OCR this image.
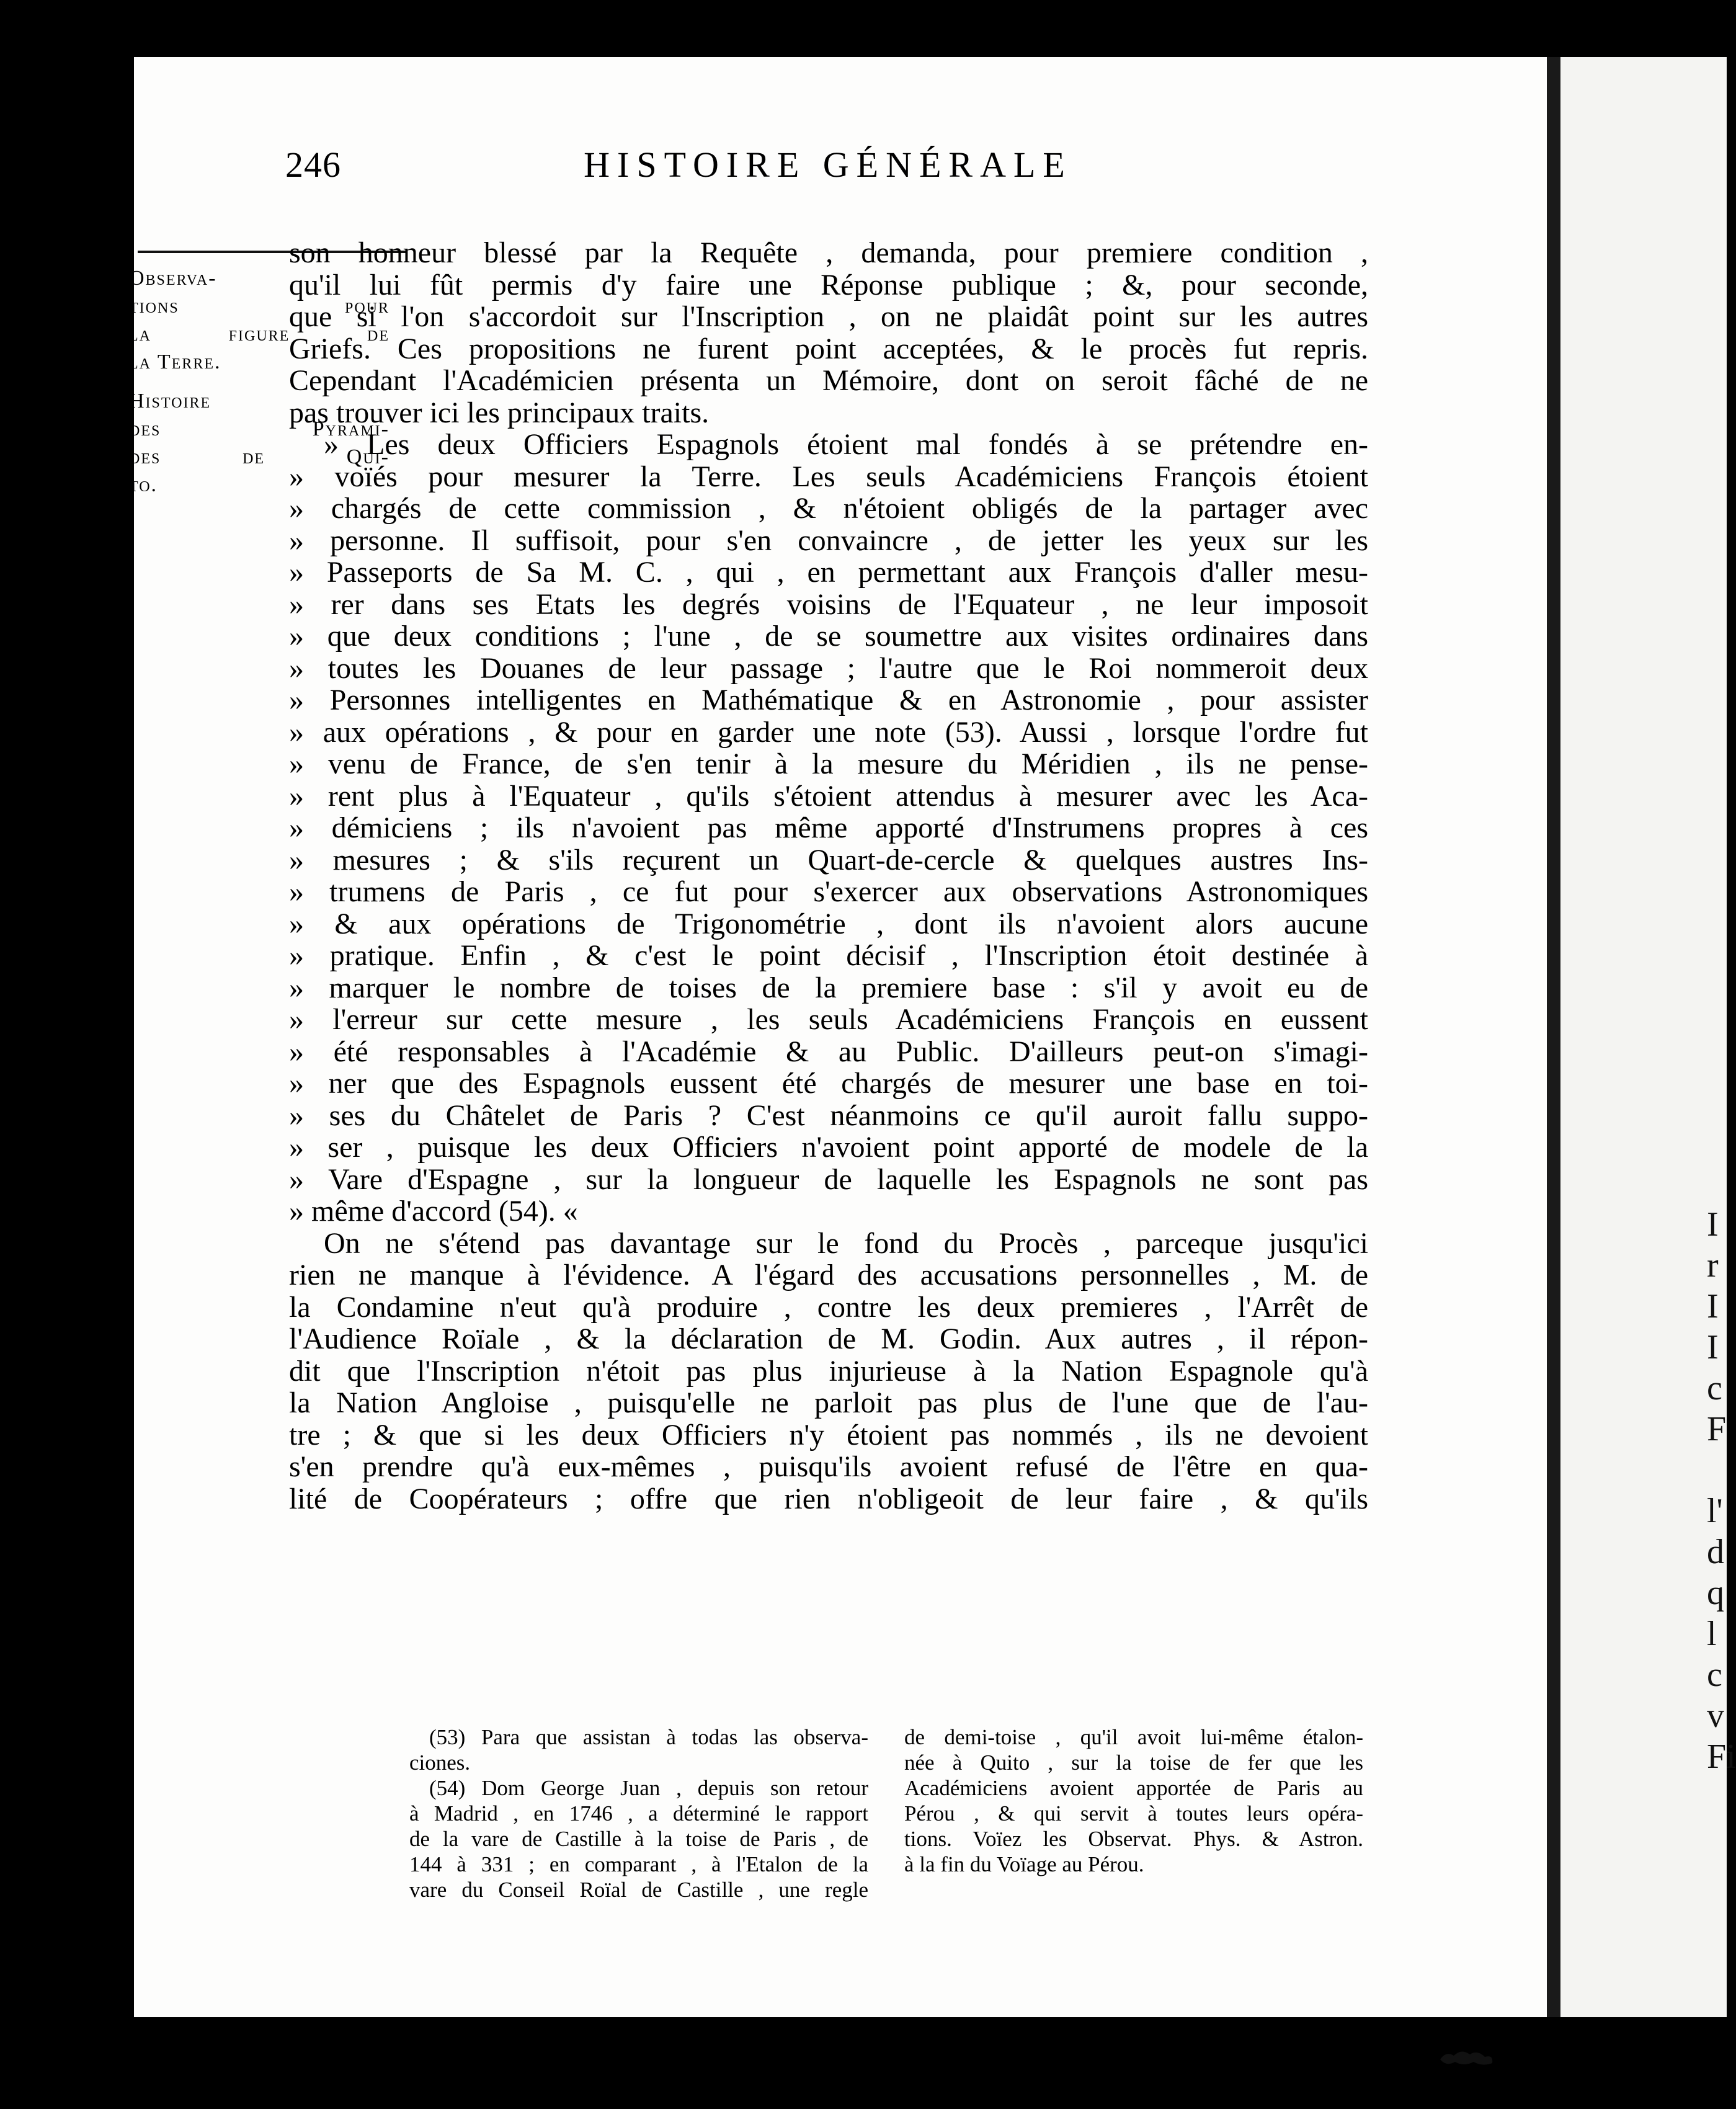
I
r
I
I
c
F
l'
d
q
l
c
v
Fi
246	HISTOIRE GÉNÉRALE
Observa-
tions pour
la figure de
la Terre.
Histoire
des Pyrami-
des de Qui-
to.
son honneur blessé par la Requête , demanda, pour premiere condition ,
qu'il lui fût permis d'y faire une Réponse publique ; &, pour seconde,
que si l'on s'accordoit sur l'Inscription , on ne plaidât point sur les autres
Griefs. Ces propositions ne furent point acceptées, & le procès fut repris.
Cependant l'Académicien présenta un Mémoire, dont on seroit fâché de ne
pas trouver ici les principaux traits.
» Les deux Officiers Espagnols étoient mal fondés à se prétendre en-
» voïés pour mesurer la Terre. Les seuls Académiciens François étoient
» chargés de cette commission , & n'étoient obligés de la partager avec
» personne. Il suffisoit, pour s'en convaincre , de jetter les yeux sur les
» Passeports de Sa M. C. , qui , en permettant aux François d'aller mesu-
» rer dans ses Etats les degrés voisins de l'Equateur , ne leur imposoit
» que deux conditions ; l'une , de se soumettre aux visites ordinaires dans
» toutes les Douanes de leur passage ; l'autre que le Roi nommeroit deux
» Personnes intelligentes en Mathématique & en Astronomie , pour assister
» aux opérations , & pour en garder une note (53). Aussi , lorsque l'ordre fut
» venu de France, de s'en tenir à la mesure du Méridien , ils ne pense-
» rent plus à l'Equateur , qu'ils s'étoient attendus à mesurer avec les Aca-
» démiciens ; ils n'avoient pas même apporté d'Instrumens propres à ces
» mesures ; & s'ils reçurent un Quart-de-cercle & quelques austres Ins-
» trumens de Paris , ce fut pour s'exercer aux observations Astronomiques
» & aux opérations de Trigonométrie , dont ils n'avoient alors aucune
» pratique. Enfin , & c'est le point décisif , l'Inscription étoit destinée à
» marquer le nombre de toises de la premiere base : s'il y avoit eu de
» l'erreur sur cette mesure , les seuls Académiciens François en eussent
» été responsables à l'Académie & au Public. D'ailleurs peut-on s'imagi-
» ner que des Espagnols eussent été chargés de mesurer une base en toi-
» ses du Châtelet de Paris ? C'est néanmoins ce qu'il auroit fallu suppo-
» ser , puisque les deux Officiers n'avoient point apporté de modele de la
» Vare d'Espagne , sur la longueur de laquelle les Espagnols ne sont pas
» même d'accord (54). «
On ne s'étend pas davantage sur le fond du Procès , parceque jusqu'ici
rien ne manque à l'évidence. A l'égard des accusations personnelles , M. de
la Condamine n'eut qu'à produire , contre les deux premieres , l'Arrêt de
l'Audience Roïale , & la déclaration de M. Godin. Aux autres , il répon-
dit que l'Inscription n'étoit pas plus injurieuse à la Nation Espagnole qu'à
la Nation Angloise , puisqu'elle ne parloit pas plus de l'une que de l'au-
tre ; & que si les deux Officiers n'y étoient pas nommés , ils ne devoient
s'en prendre qu'à eux-mêmes , puisqu'ils avoient refusé de l'être en qua-
lité de Coopérateurs ; offre que rien n'obligeoit de leur faire , & qu'ils
(53) Para que assistan à todas las observa-
ciones.
(54) Dom George Juan , depuis son retour
à Madrid , en 1746 , a déterminé le rapport
de la vare de Castille à la toise de Paris , de
144 à 331 ; en comparant , à l'Etalon de la
vare du Conseil Roïal de Castille , une regle
de demi-toise , qu'il avoit lui-même étalon-
née à Quito , sur la toise de fer que les
Académiciens avoient apportée de Paris au
Pérou , & qui servit à toutes leurs opéra-
tions. Voïez les Observat. Phys. & Astron.
à la fin du Voïage au Pérou.
